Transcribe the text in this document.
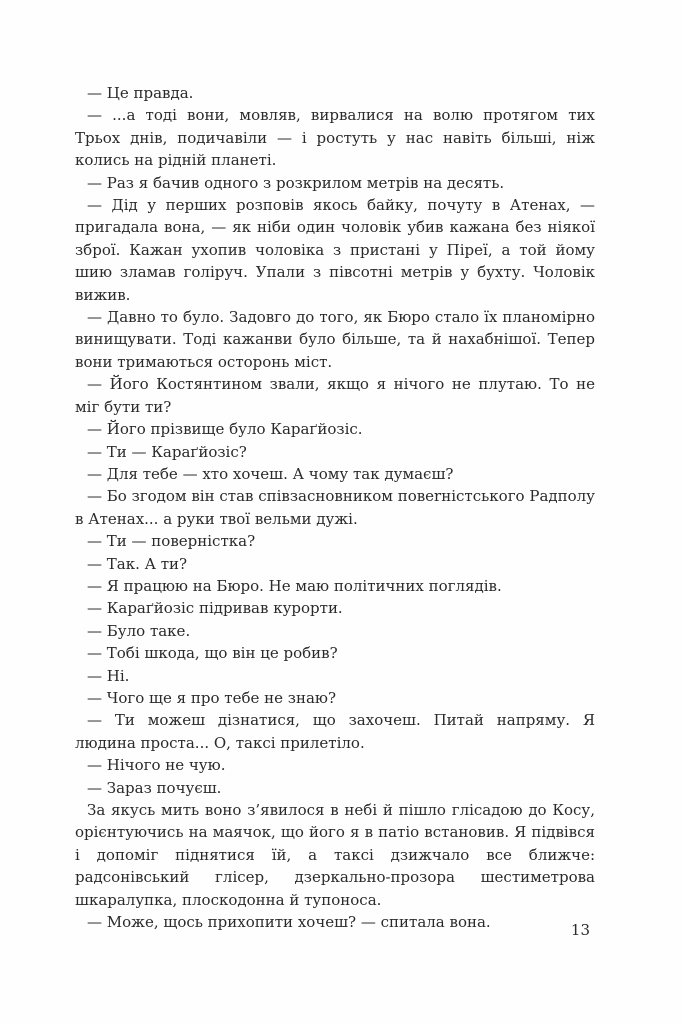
— Це правда.

— ...а тоді вони, мовляв, вирвалися на волю протягом тих Трьох днів, подичавіли — і ростуть у нас навіть більші, ніж колись на рідній планеті.

— Раз я бачив одного з розкрилом метрів на десять.

— Дід у перших розповів якось байку, почуту в Атенах, — пригадала вона, — як ніби один чоловік убив кажана без ніякої зброї. Кажан ухопив чоловіка з пристані у Піреї, а той йому шию зламав голіруч. Упали з півсотні метрів у бухту. Чоловік вижив.

— Давно то було. Задовго до того, як Бюро стало їх планомірно винищувати. Тоді кажанви було більше, та й нахабнішої. Тепер вони тримаються осторонь міст.

— Його Костянтином звали, якщо я нічого не плутаю. То не міг бути ти?

— Його прізвище було Караґйозіс.

— Ти — Караґйозіс?

— Для тебе — хто хочеш. А чому так думаєш?

— Бо згодом він став співзасновником повerністського Радполу в Атенах... а руки твої вельми дужі.

— Ти — поверністка?

— Так. А ти?

— Я працюю на Бюро. Не маю політичних поглядів.

— Караґйозіс підривав курорти.

— Було таке.

— Тобі шкода, що він це робив?

— Ні.

— Чого ще я про тебе не знаю?

— Ти можеш дізнатися, що захочеш. Питай напряму. Я людина проста... О, таксі прилетіло.

— Нічого не чую.

— Зараз почуєш.

За якусь мить воно з’явилося в небі й пішло глісадою до Косу, орієнтуючись на маячок, що його я в патіо встановив. Я підвівся і допоміг піднятися їй, а таксі дзижчало все ближче: радсонівський глісер, дзеркально-прозора шестиметрова шкаралупка, плоскодонна й тупоноса.

— Може, щось прихопити хочеш? — спитала вона.	13
